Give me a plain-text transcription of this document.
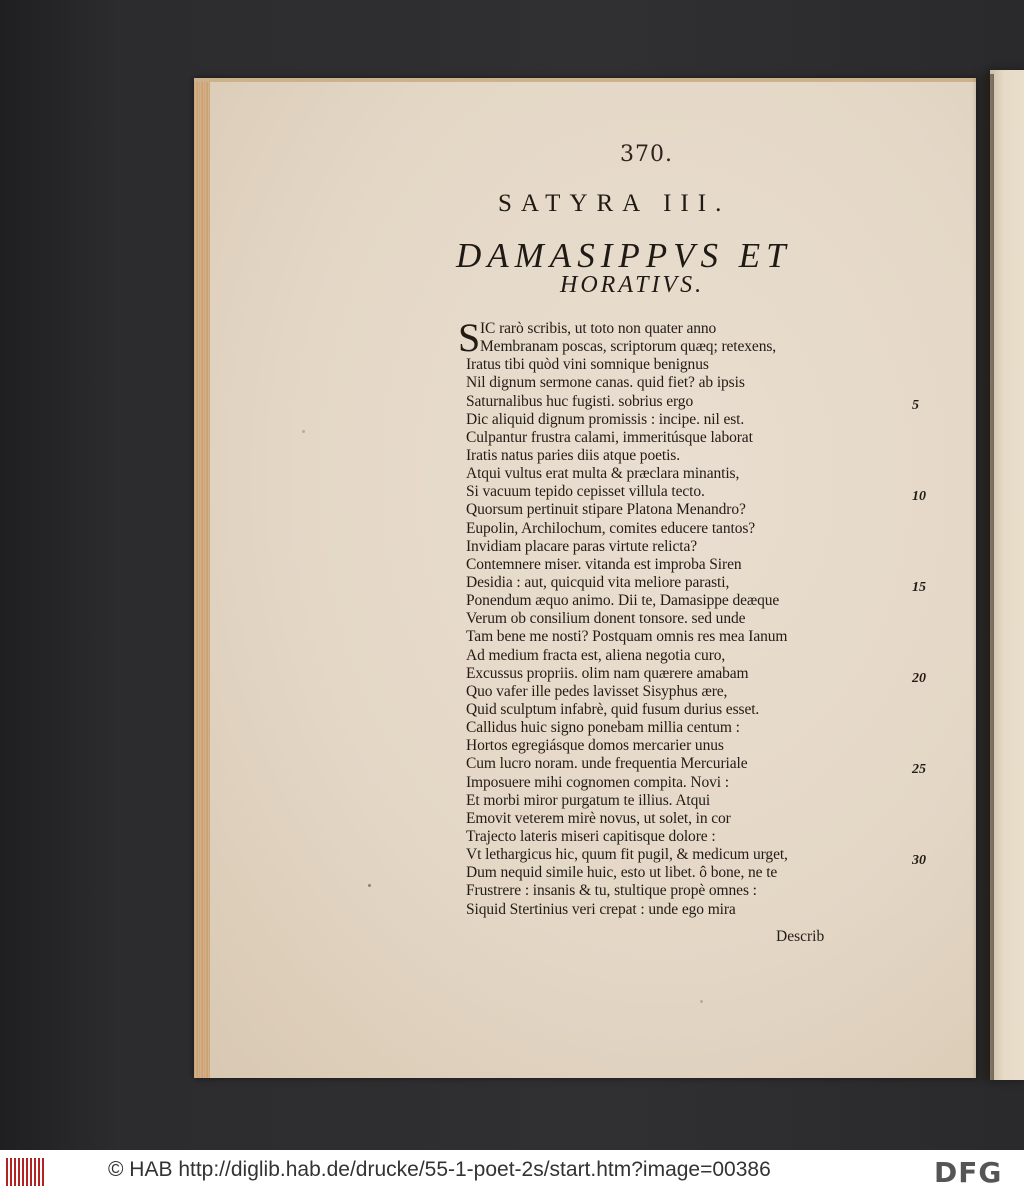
370.
SATYRA III.
DAMASIPPVS ET
HORATIVS.
S IC rarò scribis, ut toto non quater anno
Membranam poscas, scriptorum quæq; retexens,
Iratus tibi quòd vini somnique benignus
Nil dignum sermone canas. quid fiet? ab ipsis
Saturnalibus huc fugisti. sobrius ergo
Dic aliquid dignum promissis : incipe. nil est.
Culpantur frustra calami, immeritúsque laborat
Iratis natus paries diis atque poetis.
Atqui vultus erat multa & præclara minantis,
Si vacuum tepido cepisset villula tecto.
Quorsum pertinuit stipare Platona Menandro?
Eupolin, Archilochum, comites educere tantos?
Invidiam placare paras virtute relicta?
Contemnere miser. vitanda est improba Siren
Desidia : aut, quicquid vita meliore parasti,
Ponendum æquo animo. Dii te, Damasippe deæque
Verum ob consilium donent tonsore. sed unde
Tam bene me nosti? Postquam omnis res mea Ianum
Ad medium fracta est, aliena negotia curo,
Excussus propriis. olim nam quærere amabam
Quo vafer ille pedes lavisset Sisyphus ære,
Quid sculptum infabrè, quid fusum durius esset.
Callidus huic signo ponebam millia centum :
Hortos egregiásque domos mercarier unus
Cum lucro noram. unde frequentia Mercuriale
Imposuere mihi cognomen compita. Novi :
Et morbi miror purgatum te illius. Atqui
Emovit veterem mirè novus, ut solet, in cor
Trajecto lateris miseri capitisque dolore :
Vt lethargicus hic, quum fit pugil, & medicum urget,
Dum nequid simile huic, esto ut libet. ô bone, ne te
Frustrere : insanis & tu, stultique propè omnes :
Siquid Stertinius veri crepat : unde ego mira
5
10
15
20
25
30
Describ
© HAB http://diglib.hab.de/drucke/55-1-poet-2s/start.htm?image=00386	DFG
